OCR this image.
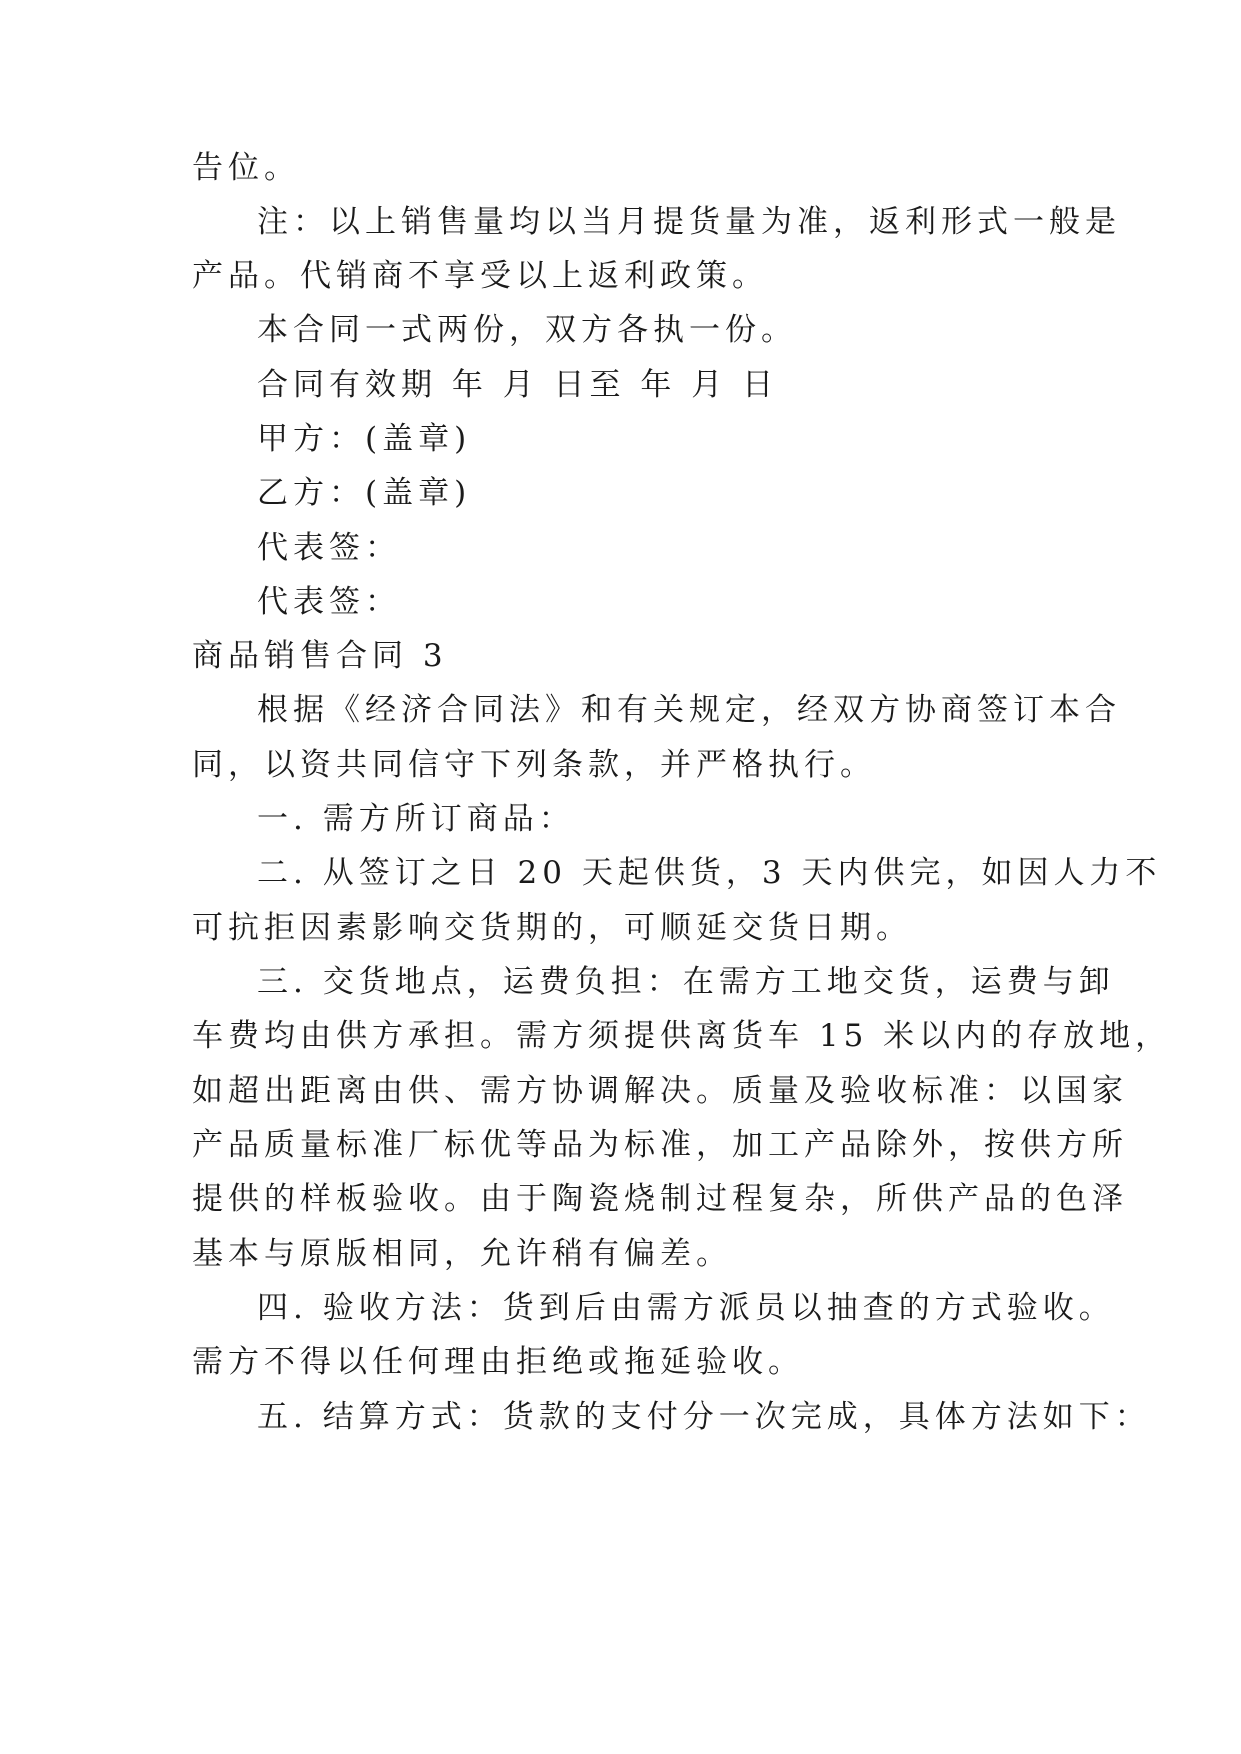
告位。
注：以上销售量均以当月提货量为准，返利形式一般是
产品。代销商不享受以上返利政策。
本合同一式两份，双方各执一份。
合同有效期 年 月 日至 年 月 日
甲方：(盖章)
乙方：(盖章)
代表签：
代表签：
商品销售合同 3
根据《经济合同法》和有关规定，经双方协商签订本合
同，以资共同信守下列条款，并严格执行。
一. 需方所订商品：
二. 从签订之日 20 天起供货，3 天内供完，如因人力不
可抗拒因素影响交货期的，可顺延交货日期。
三. 交货地点，运费负担：在需方工地交货，运费与卸
车费均由供方承担。需方须提供离货车 15 米以内的存放地，
如超出距离由供、需方协调解决。质量及验收标准：以国家
产品质量标准厂标优等品为标准，加工产品除外，按供方所
提供的样板验收。由于陶瓷烧制过程复杂，所供产品的色泽
基本与原版相同，允许稍有偏差。
四. 验收方法：货到后由需方派员以抽查的方式验收。
需方不得以任何理由拒绝或拖延验收。
五. 结算方式：货款的支付分一次完成，具体方法如下：
